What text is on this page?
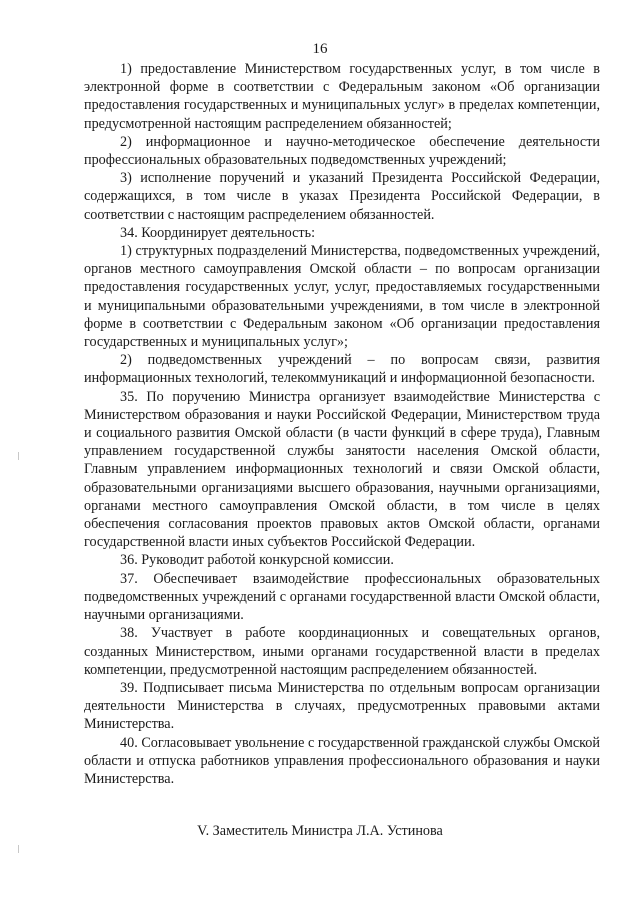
16

1) предоставление Министерством государственных услуг, в том числе в электронной форме в соответствии с Федеральным законом «Об организации предоставления государственных и муниципальных услуг» в пределах компетенции, предусмотренной настоящим распределением обязанностей;

2) информационное и научно-методическое обеспечение деятельности профессиональных образовательных подведомственных учреждений;

3) исполнение поручений и указаний Президента Российской Федерации, содержащихся, в том числе в указах Президента Российской Федерации, в соответствии с настоящим распределением обязанностей.

34. Координирует деятельность:

1) структурных подразделений Министерства, подведомственных учреждений, органов местного самоуправления Омской области – по вопросам организации предоставления государственных услуг, услуг, предоставляемых государственными и муниципальными образовательными учреждениями, в том числе в электронной форме в соответствии с Федеральным законом «Об организации предоставления государственных и муниципальных услуг»;

2) подведомственных учреждений – по вопросам связи, развития информационных технологий, телекоммуникаций и информационной безопасности.

35. По поручению Министра организует взаимодействие Министерства с Министерством образования и науки Российской Федерации, Министерством труда и социального развития Омской области (в части функций в сфере труда), Главным управлением государственной службы занятости населения Омской области, Главным управлением информационных технологий и связи Омской области, образовательными организациями высшего образования, научными организациями, органами местного самоуправления Омской области, в том числе в целях обеспечения согласования проектов правовых актов Омской области, органами государственной власти иных субъектов Российской Федерации.

36. Руководит работой конкурсной комиссии.

37. Обеспечивает взаимодействие профессиональных образовательных подведомственных учреждений с органами государственной власти Омской области, научными организациями.

38. Участвует в работе координационных и совещательных органов, созданных Министерством, иными органами государственной власти в пределах компетенции, предусмотренной настоящим распределением обязанностей.

39. Подписывает письма Министерства по отдельным вопросам организации деятельности Министерства в случаях, предусмотренных правовыми актами Министерства.

40. Согласовывает увольнение с государственной гражданской службы Омской области и отпуска работников управления профессионального образования и науки Министерства.

V. Заместитель Министра Л.А. Устинова
